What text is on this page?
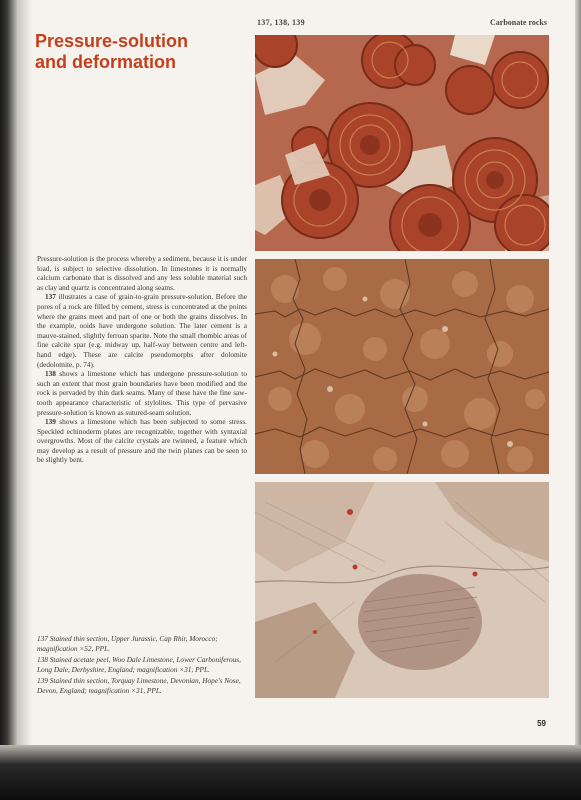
137, 138, 139	Carbonate rocks
Pressure-solution
and deformation

Pressure-solution is the process whereby a sediment, because it is under load, is subject to selective dissolution. In limestones it is normally calcium carbonate that is dissolved and any less soluble material such as clay and quartz is concentrated along seams.

137 illustrates a case of grain-to-grain pressure-solution. Before the pores of a rock are filled by cement, stress is concentrated at the points where the grains meet and part of one or both the grains dissolves. In the example, ooids have undergone solution. The later cement is a mauve-stained, slightly ferroan sparite. Note the small rhombic areas of fine calcite spar (e.g. midway up, half-way between centre and left-hand edge). These are calcite pseudomorphs after dolomite (dedolomite, p. 74).

138 shows a limestone which has undergone pressure-solution to such an extent that most grain boundaries have been modified and the rock is pervaded by thin dark seams. Many of these have the fine saw-tooth appearance characteristic of stylolites. This type of pervasive pressure-solution is known as sutured-seam solution.

139 shows a limestone which has been subjected to some stress. Speckled echinoderm plates are recognizable, together with syntaxial overgrowths. Most of the calcite crystals are twinned, a feature which may develop as a result of pressure and the twin planes can be seen to be slightly bent.

137 Stained thin section, Upper Jurassic, Cap Rhir, Morocco; magnification ×52, PPL.
138 Stained acetate peel, Woo Dale Limestone, Lower Carboniferous, Long Dale, Derbyshire, England; magnification ×31, PPL.
139 Stained thin section, Torquay Limestone, Devonian, Hope's Nose, Devon, England; magnification ×31, PPL.
59
